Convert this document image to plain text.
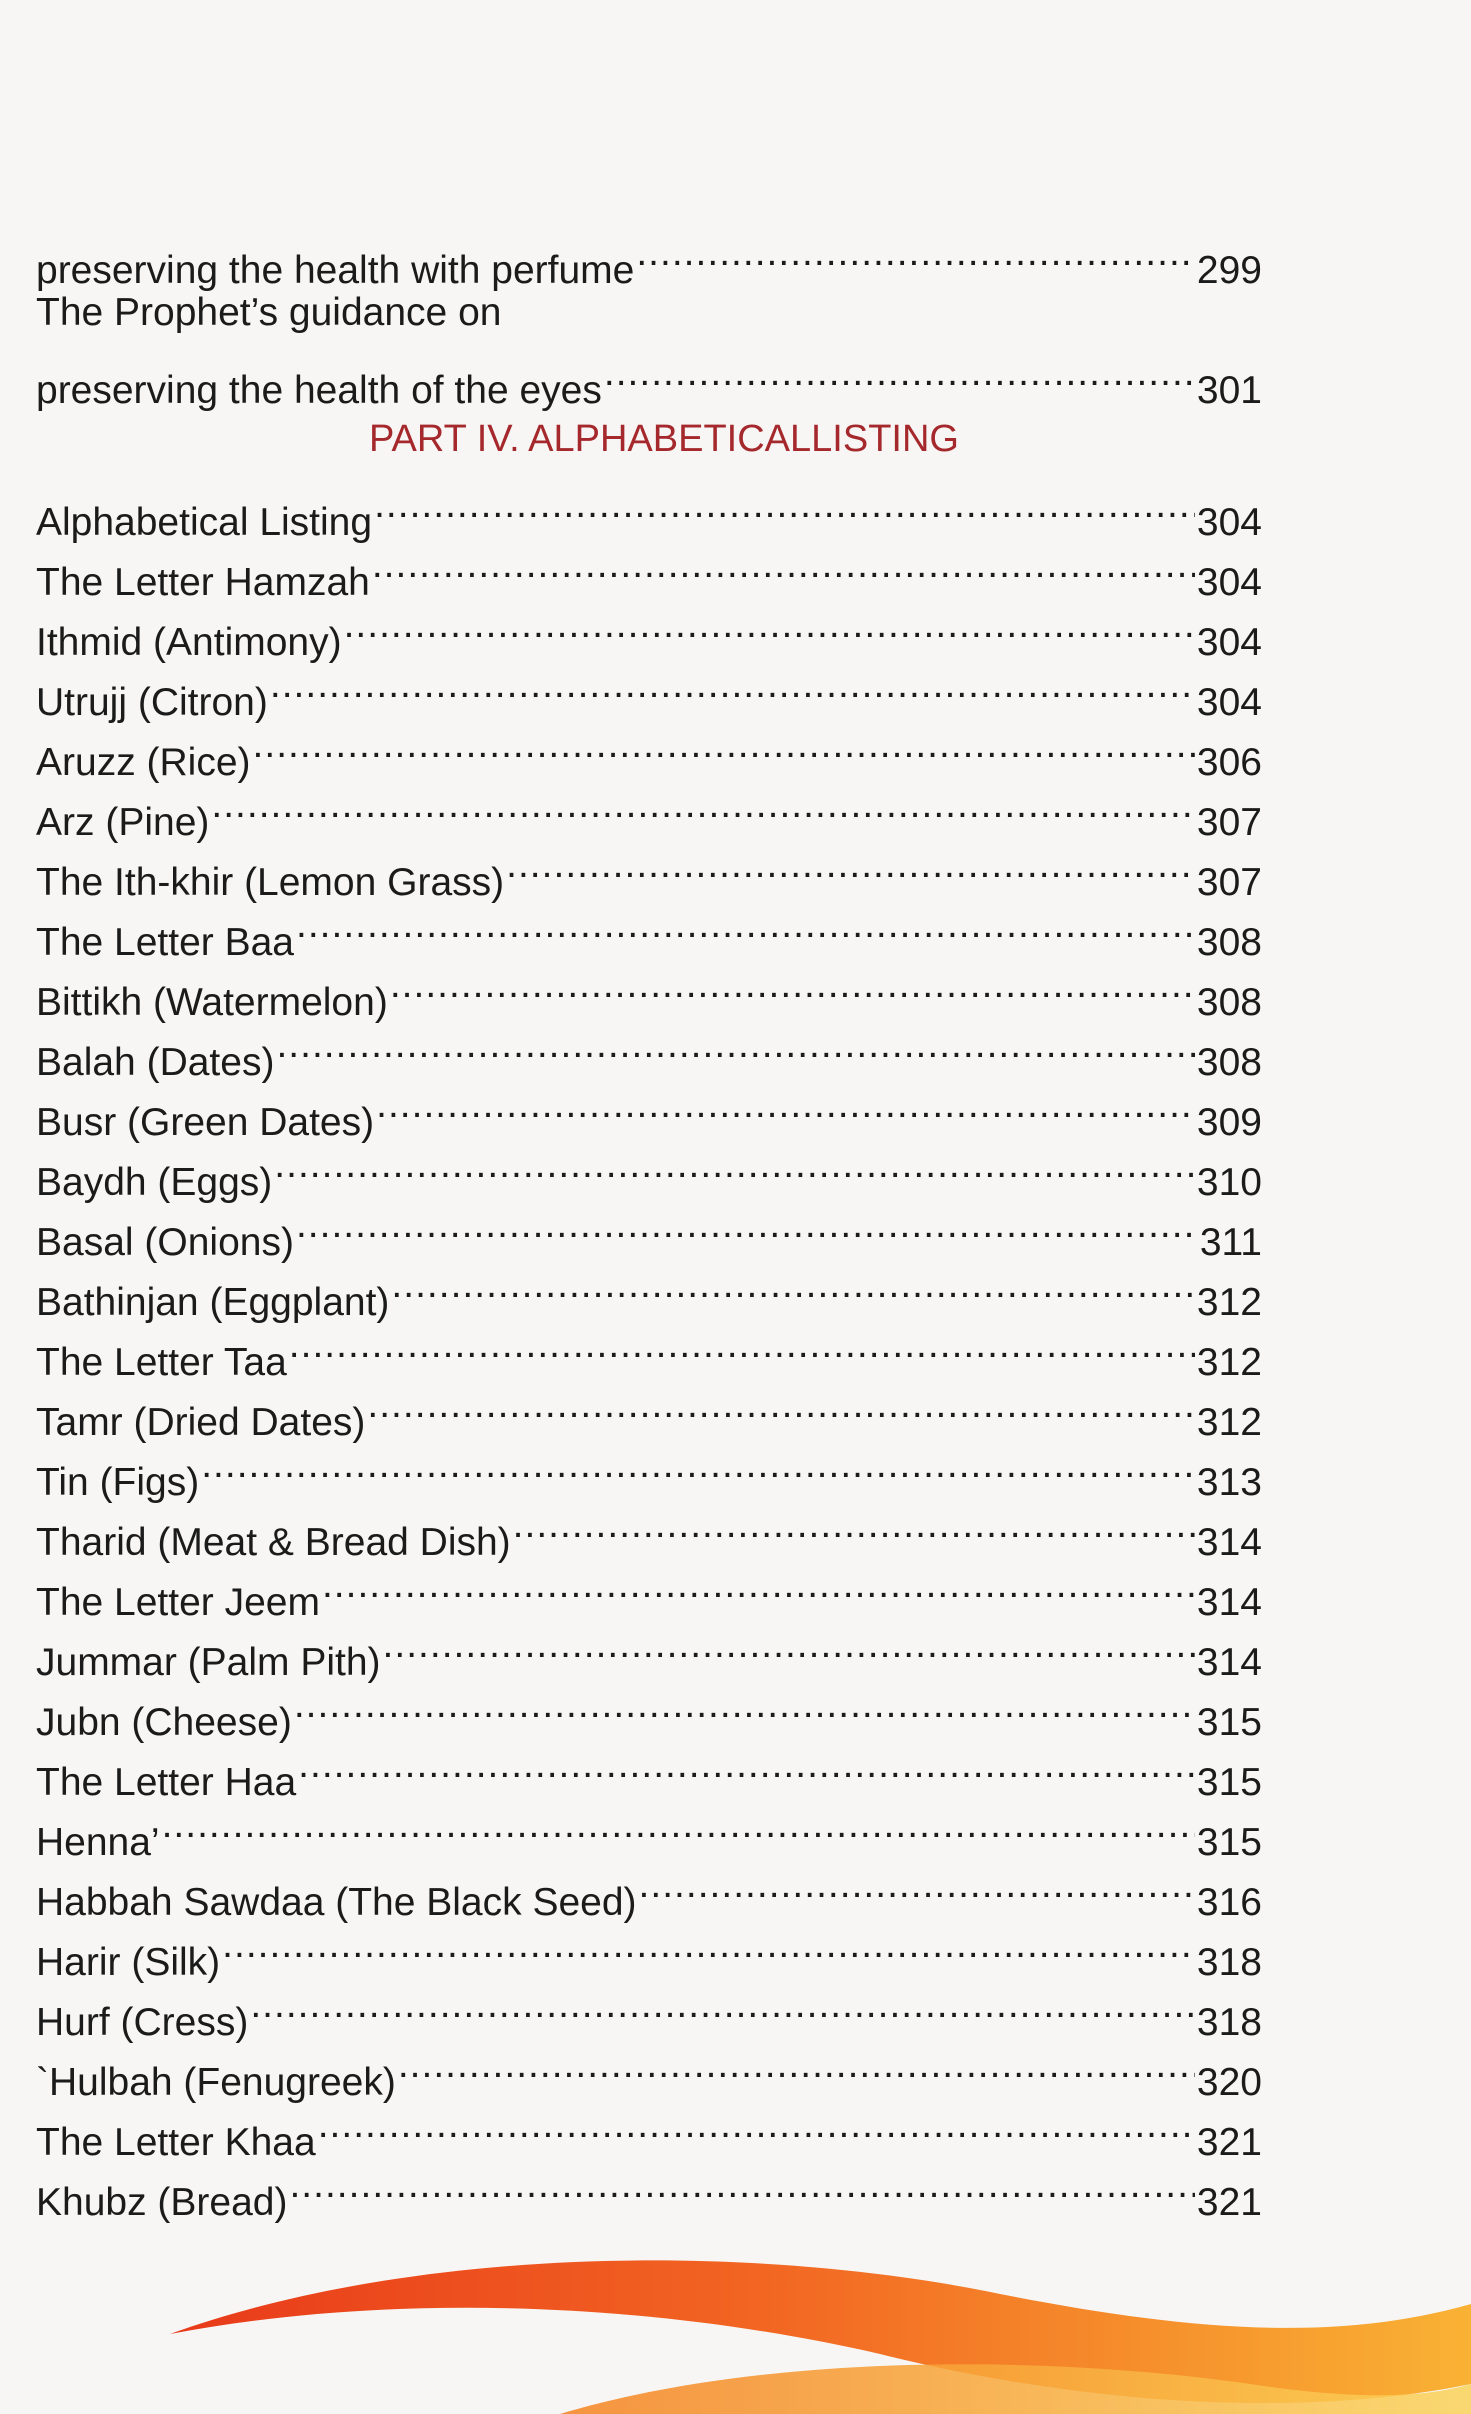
preserving the health with perfume .....	299
The Prophet’s guidance on
preserving the health of the eyes .....	301
PART IV. ALPHABETICALLISTING
Alphabetical Listing .....	304
The Letter Hamzah .....	304
Ithmid (Antimony) .....	304
Utrujj (Citron) .....	304
Aruzz (Rice) .....	306
Arz (Pine) .....	307
The Ith-khir (Lemon Grass) .....	307
The Letter Baa .....	308
Bittikh (Watermelon) .....	308
Balah (Dates) .....	308
Busr (Green Dates) .....	309
Baydh (Eggs) .....	310
Basal (Onions) .....	311
Bathinjan (Eggplant) .....	312
The Letter Taa .....	312
Tamr (Dried Dates) .....	312
Tin (Figs) .....	313
Tharid (Meat & Bread Dish) .....	314
The Letter Jeem .....	314
Jummar (Palm Pith) .....	314
Jubn (Cheese) .....	315
The Letter Haa .....	315
Henna’ .....	315
Habbah Sawdaa (The Black Seed) .....	316
Harir (Silk) .....	318
Hurf (Cress) .....	318
`Hulbah (Fenugreek) .....	320
The Letter Khaa .....	321
Khubz (Bread) .....	321
